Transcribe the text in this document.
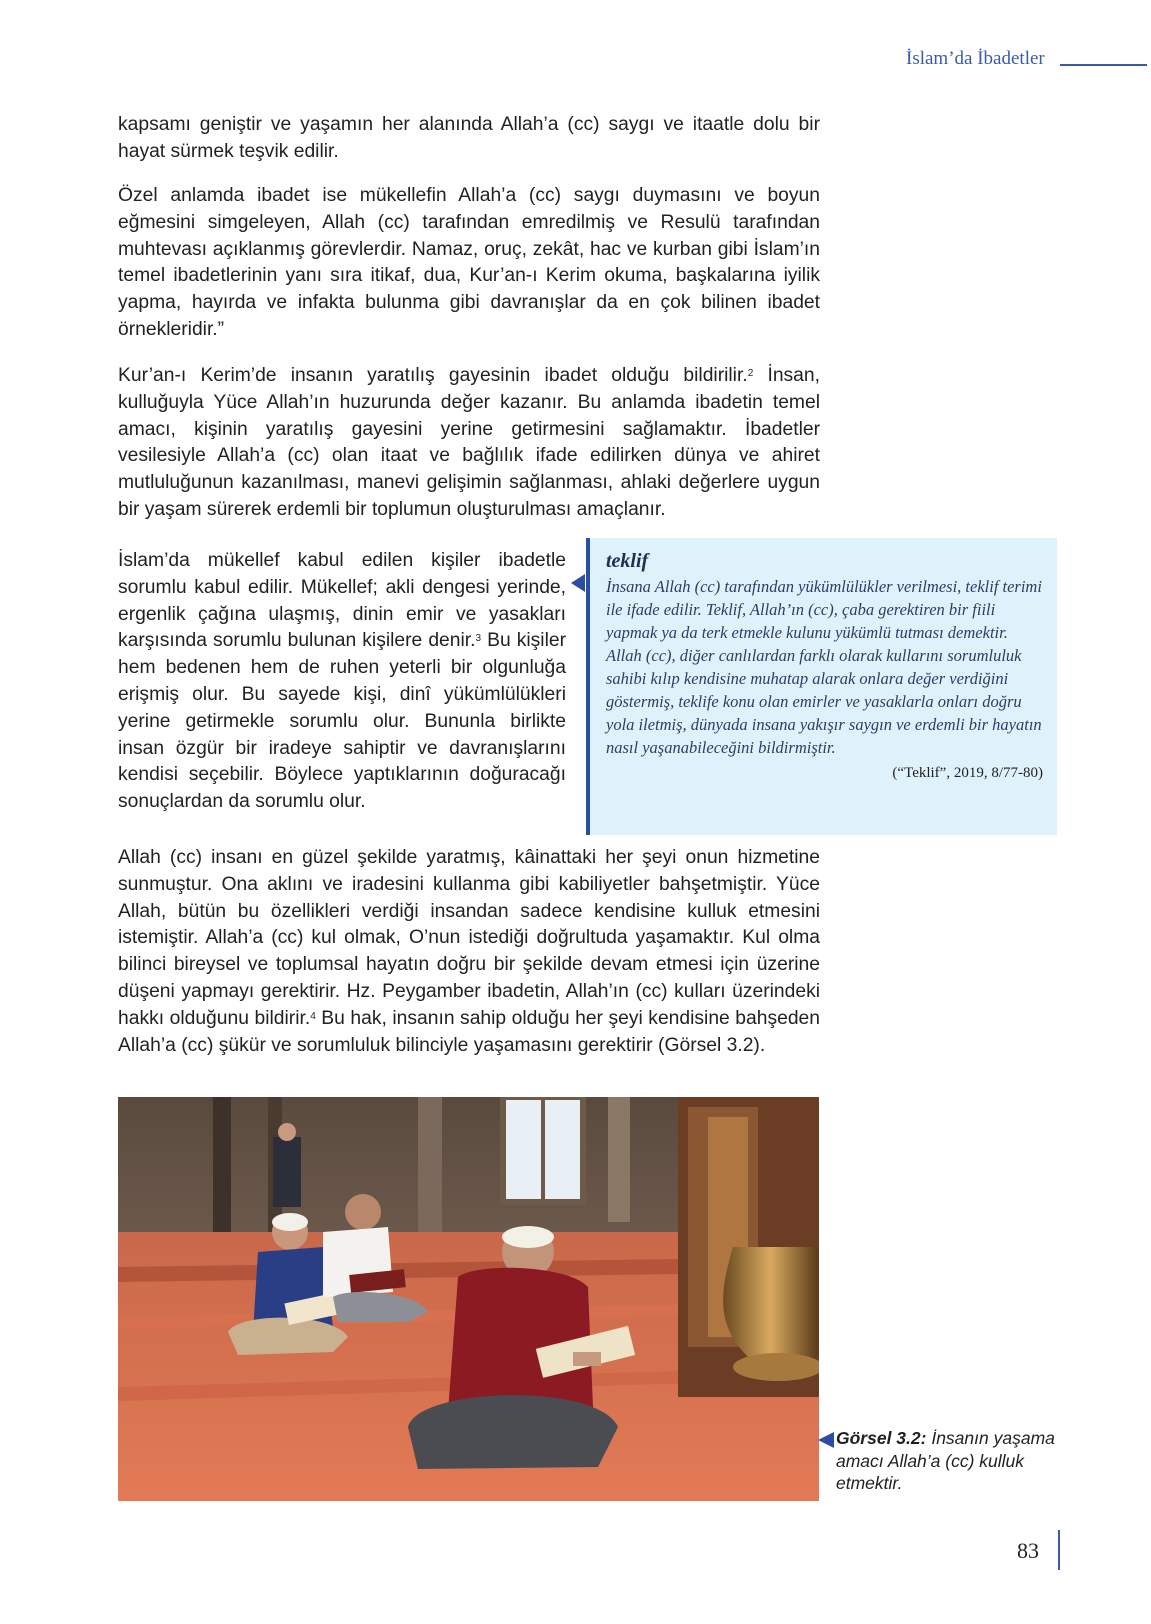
İslam’da İbadetler

kapsamı geniştir ve yaşamın her alanında Allah’a (cc) saygı ve itaatle dolu bir hayat sürmek teşvik edilir.

Özel anlamda ibadet ise mükellefin Allah’a (cc) saygı duymasını ve boyun eğmesini simgeleyen, Allah (cc) tarafından emredilmiş ve Resulü tarafından muhtevası açıklanmış görevlerdir. Namaz, oruç, zekât, hac ve kurban gibi İslam’ın temel ibadetlerinin yanı sıra itikaf, dua, Kur’an-ı Kerim okuma, başkalarına iyilik yapma, hayırda ve infakta bulunma gibi davranışlar da en çok bilinen ibadet örnekleridir.”

Kur’an-ı Kerim’de insanın yaratılış gayesinin ibadet olduğu bildirilir.$^2$ İnsan, kulluğuyla Yüce Allah’ın huzurunda değer kazanır. Bu anlamda ibadetin temel amacı, kişinin yaratılış gayesini yerine getirmesini sağlamaktır. İbadetler vesilesiyle Allah’a (cc) olan itaat ve bağlılık ifade edilirken dünya ve ahiret mutluluğunun kazanılması, manevi gelişimin sağlanması, ahlaki değerlere uygun bir yaşam sürerek erdemli bir toplumun oluşturulması amaçlanır.

İslam’da mükellef kabul edilen kişiler ibadetle sorumlu kabul edilir. Mükellef; akli dengesi yerinde, ergenlik çağına ulaşmış, dinin emir ve yasakları karşısında sorumlu bulunan kişilere denir.$^3$ Bu kişiler hem bedenen hem de ruhen yeterli bir olgunluğa erişmiş olur. Bu sayede kişi, dinî yükümlülükleri yerine getirmekle sorumlu olur. Bununla birlikte insan özgür bir iradeye sahiptir ve davranışlarını kendisi seçebilir. Böylece yaptıklarının doğuracağı sonuçlardan da sorumlu olur.

teklif

İnsana Allah (cc) tarafından yükümlülükler verilmesi, teklif terimi ile ifade edilir. Teklif, Allah’ın (cc), çaba gerektiren bir fiili yapmak ya da terk etmekle kulunu yükümlü tutması demektir.

Allah (cc), diğer canlılardan farklı olarak kullarını sorumluluk sahibi kılıp kendisine muhatap alarak onlara değer verdiğini göstermiş, teklife konu olan emirler ve yasaklarla onları doğru yola iletmiş, dünyada insana yakışır saygın ve erdemli bir hayatın nasıl yaşanabileceğini bildirmiştir.

(“Teklif”, 2019, 8/77-80)

Allah (cc) insanı en güzel şekilde yaratmış, kâinattaki her şeyi onun hizmetine sunmuştur. Ona aklını ve iradesini kullanma gibi kabiliyetler bahşetmiştir. Yüce Allah, bütün bu özellikleri verdiği insandan sadece kendisine kulluk etmesini istemiştir. Allah’a (cc) kul olmak, O’nun istediği doğrultuda yaşamaktır. Kul olma bilinci bireysel ve toplumsal hayatın doğru bir şekilde devam etmesi için üzerine düşeni yapmayı gerektirir. Hz. Peygamber ibadetin, Allah’ın (cc) kulları üzerindeki hakkı olduğunu bildirir.$^4$ Bu hak, insanın sahip olduğu her şeyi kendisine bahşeden Allah’a (cc) şükür ve sorumluluk bilinciyle yaşamasını gerektirir (Görsel 3.2).

Görsel 3.2: İnsanın yaşama amacı Allah’a (cc) kulluk etmektir.
83
